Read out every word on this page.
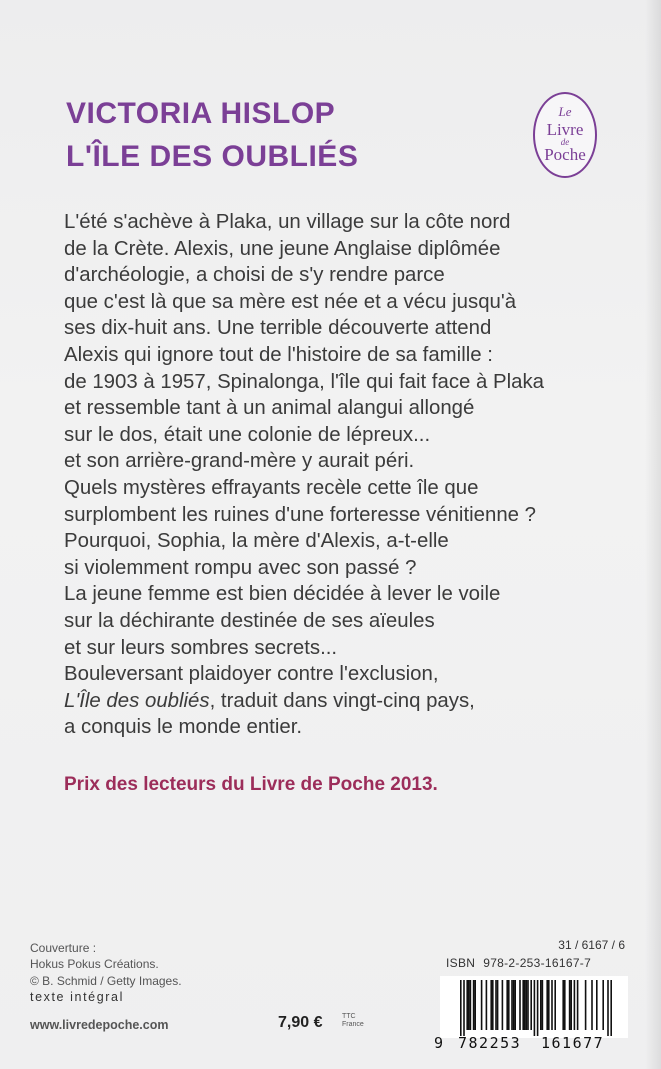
VICTORIA HISLOP
L'ÎLE DES OUBLIÉS
Le
Livre
de
Poche
L'été s'achève à Plaka, un village sur la côte nord
de la Crète. Alexis, une jeune Anglaise diplômée
d'archéologie, a choisi de s'y rendre parce
que c'est là que sa mère est née et a vécu jusqu'à
ses dix-huit ans. Une terrible découverte attend
Alexis qui ignore tout de l'histoire de sa famille :
de 1903 à 1957, Spinalonga, l'île qui fait face à Plaka
et ressemble tant à un animal alangui allongé
sur le dos, était une colonie de lépreux...
et son arrière-grand-mère y aurait péri.
Quels mystères effrayants recèle cette île que
surplombent les ruines d'une forteresse vénitienne ?
Pourquoi, Sophia, la mère d'Alexis, a-t-elle
si violemment rompu avec son passé ?
La jeune femme est bien décidée à lever le voile
sur la déchirante destinée de ses aïeules
et sur leurs sombres secrets...
Bouleversant plaidoyer contre l'exclusion,
L'Île des oubliés, traduit dans vingt-cinq pays,
a conquis le monde entier.
Prix des lecteurs du Livre de Poche 2013.
Couverture :
Hokus Pokus Créations.
© B. Schmid / Getty Images.
texte intégral
www.livredepoche.com	7,90 €	TTC
France
31 / 6167 / 6
ISBN 978-2-253-16167-7
9 782253 161677
